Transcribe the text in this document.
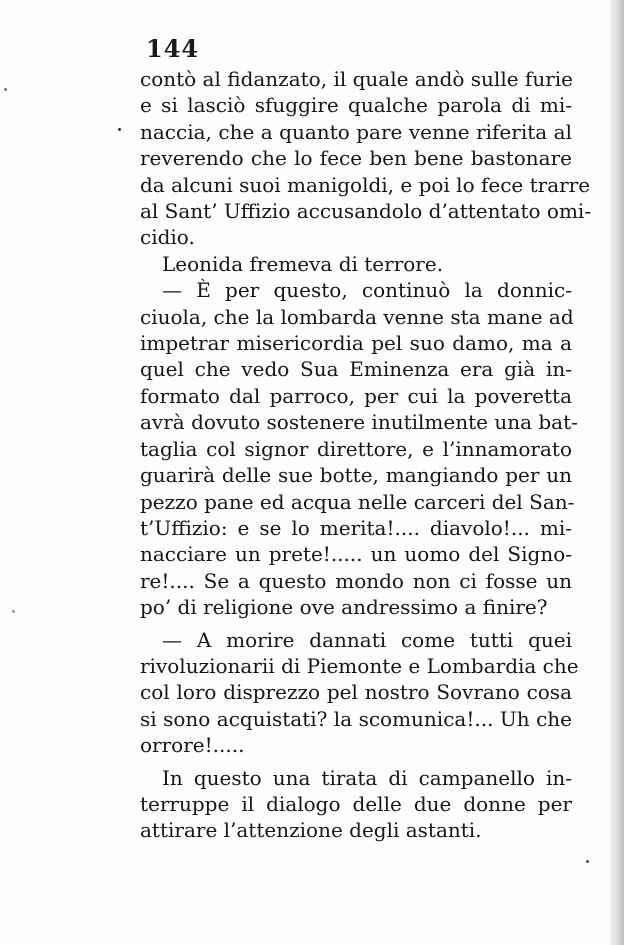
144
contò al fidanzato, il quale andò sulle furie
e si lasciò sfuggire qualche parola di mi-
naccia, che a quanto pare venne riferita al
reverendo che lo fece ben bene bastonare
da alcuni suoi manigoldi, e poi lo fece trarre
al Sant’ Uffizio accusandolo d’attentato omi-
cidio.
Leonida fremeva di terrore.
— È per questo, continuò la donnic-
ciuola, che la lombarda venne sta mane ad
impetrar misericordia pel suo damo, ma a
quel che vedo Sua Eminenza era già in-
formato dal parroco, per cui la poveretta
avrà dovuto sostenere inutilmente una bat-
taglia col signor direttore, e l’innamorato
guarirà delle sue botte, mangiando per un
pezzo pane ed acqua nelle carceri del San-
t’Uffizio: e se lo merita!.... diavolo!... mi-
nacciare un prete!..... un uomo del Signo-
re!.... Se a questo mondo non ci fosse un
po’ di religione ove andressimo a finire?
— A morire dannati come tutti quei
rivoluzionarii di Piemonte e Lombardia che
col loro disprezzo pel nostro Sovrano cosa
si sono acquistati? la scomunica!... Uh che
orrore!.....
In questo una tirata di campanello in-
terruppe il dialogo delle due donne per
attirare l’attenzione degli astanti.
